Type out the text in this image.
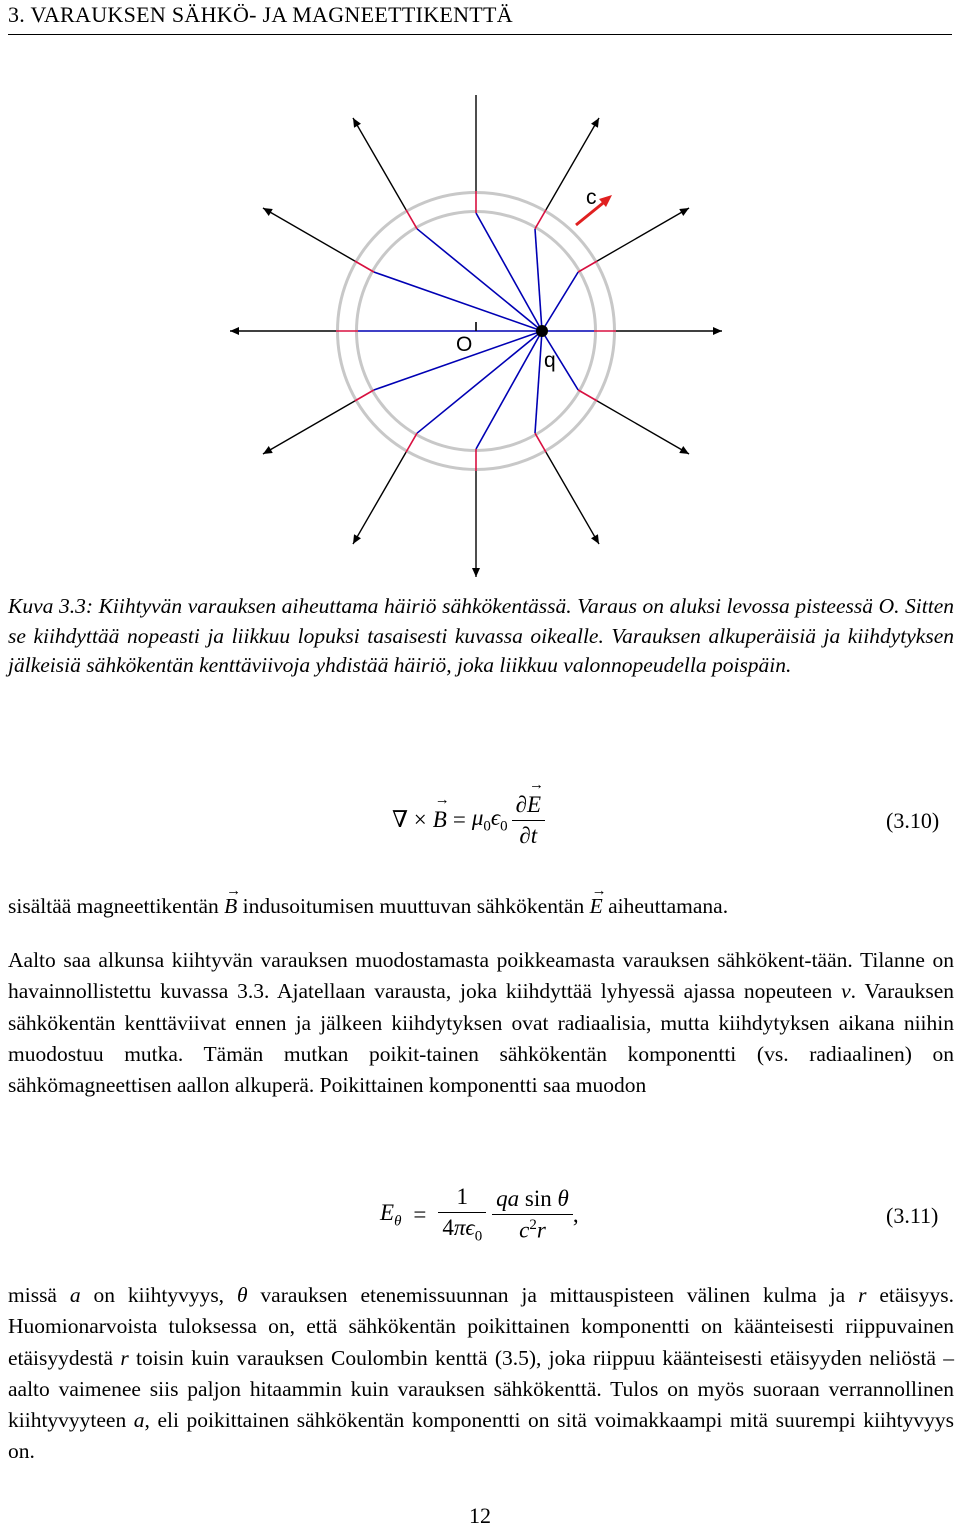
3. VARAUKSEN SÄHKÖ- JA MAGNEETTIKENTTÄ
O
q
c
Kuva 3.3: Kiihtyvän varauksen aiheuttama häiriö sähkökentässä. Varaus on aluksi levossa pisteessä O. Sitten se kiihdyttää nopeasti ja liikkuu lopuksi tasaisesti kuvassa oikealle. Varauksen alkuperäisiä ja kiihdytyksen jälkeisiä sähkökentän kenttäviivoja yhdistää häiriö, joka liikkuu valonnopeudella poispäin.
∇ × → $B = \mu_0\epsilon_0 \frac{\partial\to E}{\partial t}$	(3.10)
sisältää magneettikentän → B indusoitumisen muuttuvan sähkökentän → E aiheuttamana.
Aalto saa alkunsa kiihtyvän varauksen muodostamasta poikkeamasta varauksen sähkökent-tään. Tilanne on havainnollistettu kuvassa 3.3. Ajatellaan varausta, joka kiihdyttää lyhyessä ajassa nopeuteen v. Varauksen sähkökentän kenttäviivat ennen ja jälkeen kiihdytyksen ovat radiaalisia, mutta kiihdytyksen aikana niihin muodostuu mutka. Tämän mutkan poikit-tainen sähkökentän komponentti (vs. radiaalinen) on sähkömagneettisen aallon alkuperä. Poikittainen komponentti saa muodon
$E_\theta = \frac{1}{4\pi\epsilon_0} \frac{\text{qa sin θ}}{c^2r}$ ,	(3.11)
missä a on kiihtyvyys, θ varauksen etenemissuunnan ja mittauspisteen välinen kulma ja r etäisyys. Huomionarvoista tuloksessa on, että sähkökentän poikittainen komponentti on käänteisesti riippuvainen etäisyydestä r toisin kuin varauksen Coulombin kenttä (3.5), joka riippuu käänteisesti etäisyyden neliöstä – aalto vaimenee siis paljon hitaammin kuin varauksen sähkökenttä. Tulos on myös suoraan verrannollinen kiihtyvyyteen a, eli poikittainen sähkökentän komponentti on sitä voimakkaampi mitä suurempi kiihtyvyys on.
12
